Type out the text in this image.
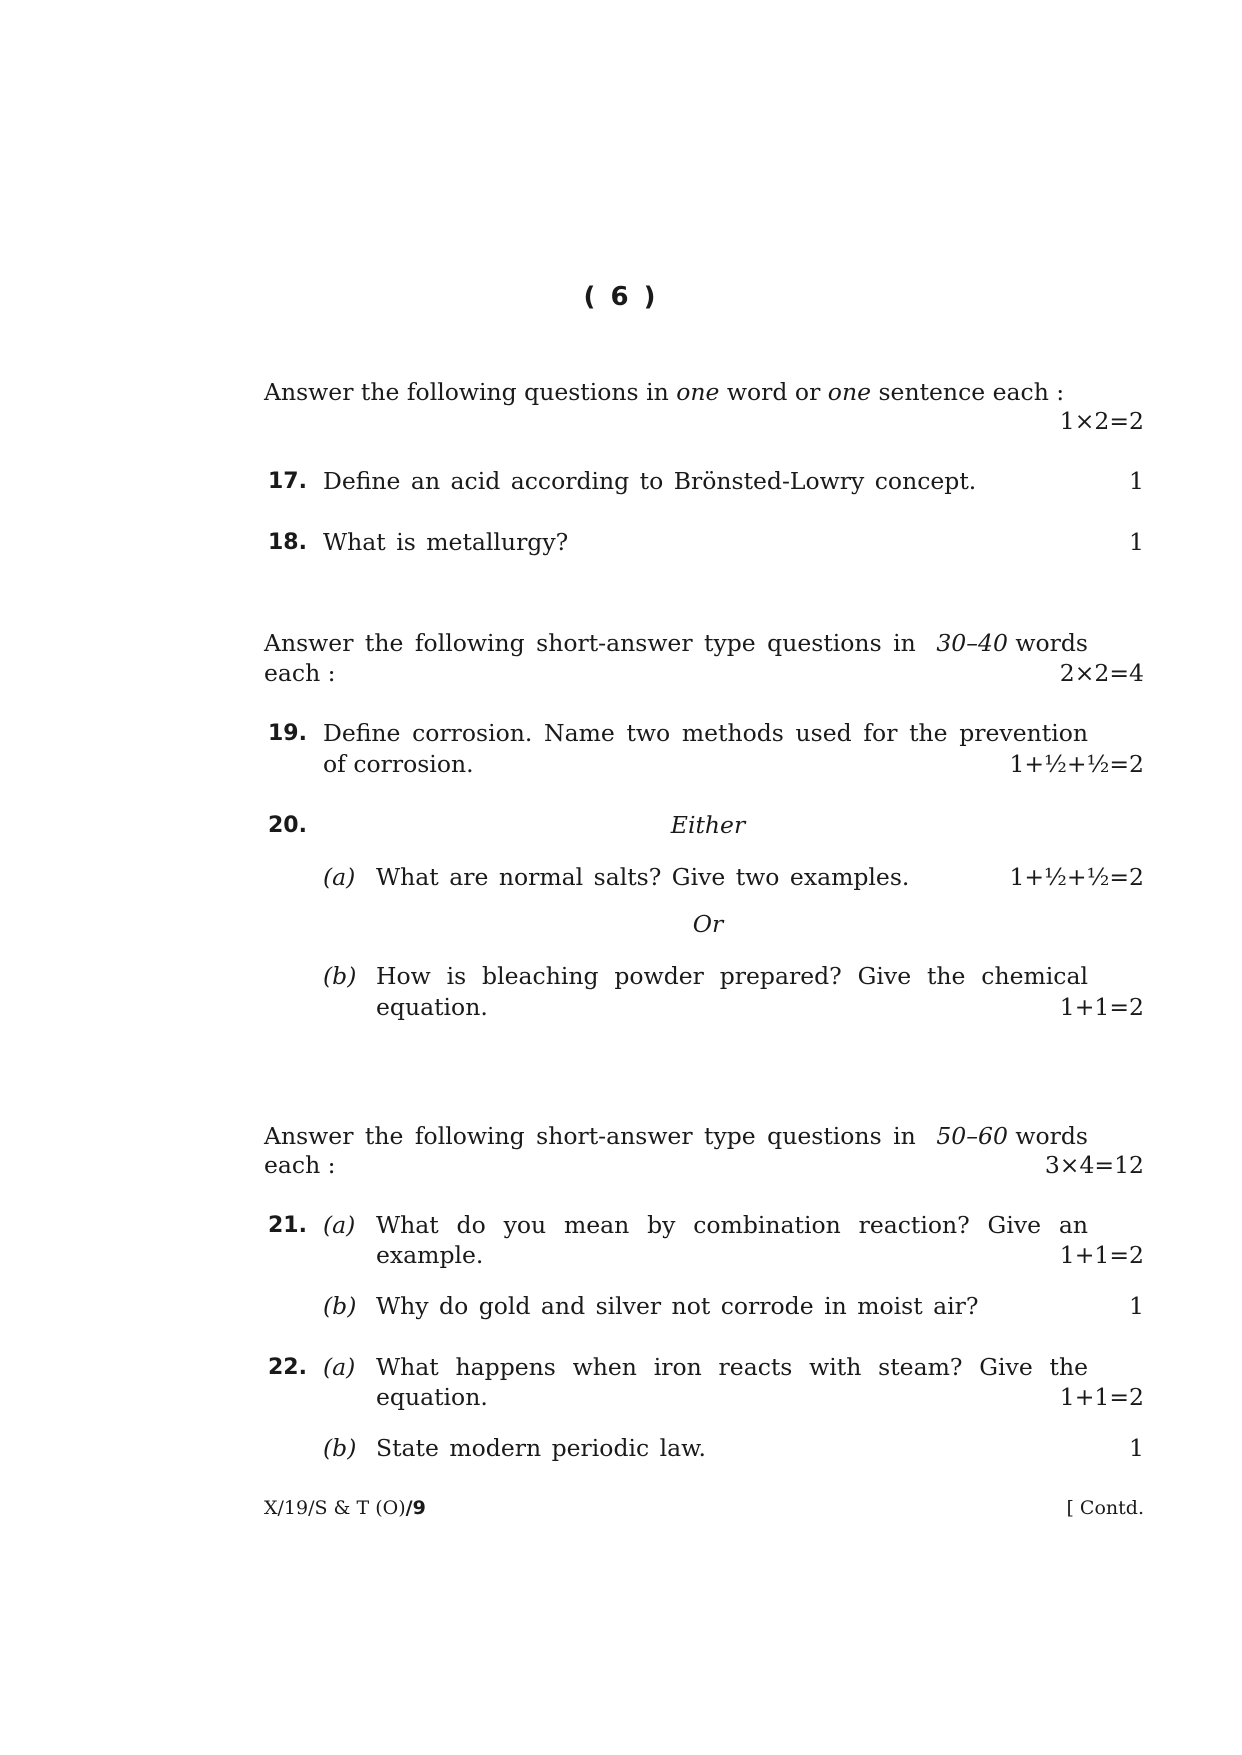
( 6 )
Answer the following questions in one word or one sentence each :
1×2=2
17. Define an acid according to Brönsted-Lowry concept.	1
18. What is metallurgy?	1
Answer the following short-answer type questions in 30–40 words
each :	2×2=4
19. Define corrosion. Name two methods used for the prevention
of corrosion.	1+½+½=2
20.	Either
(a) What are normal salts? Give two examples.	1+½+½=2
Or
(b) How is bleaching powder prepared? Give the chemical
equation.	1+1=2
Answer the following short-answer type questions in 50–60 words
each :	3×4=12
21. (a) What do you mean by combination reaction? Give an
example.	1+1=2
(b) Why do gold and silver not corrode in moist air?	1
22. (a) What happens when iron reacts with steam? Give the
equation.	1+1=2
(b) State modern periodic law.	1
X/19/S & T (O)/9	[ Contd.
